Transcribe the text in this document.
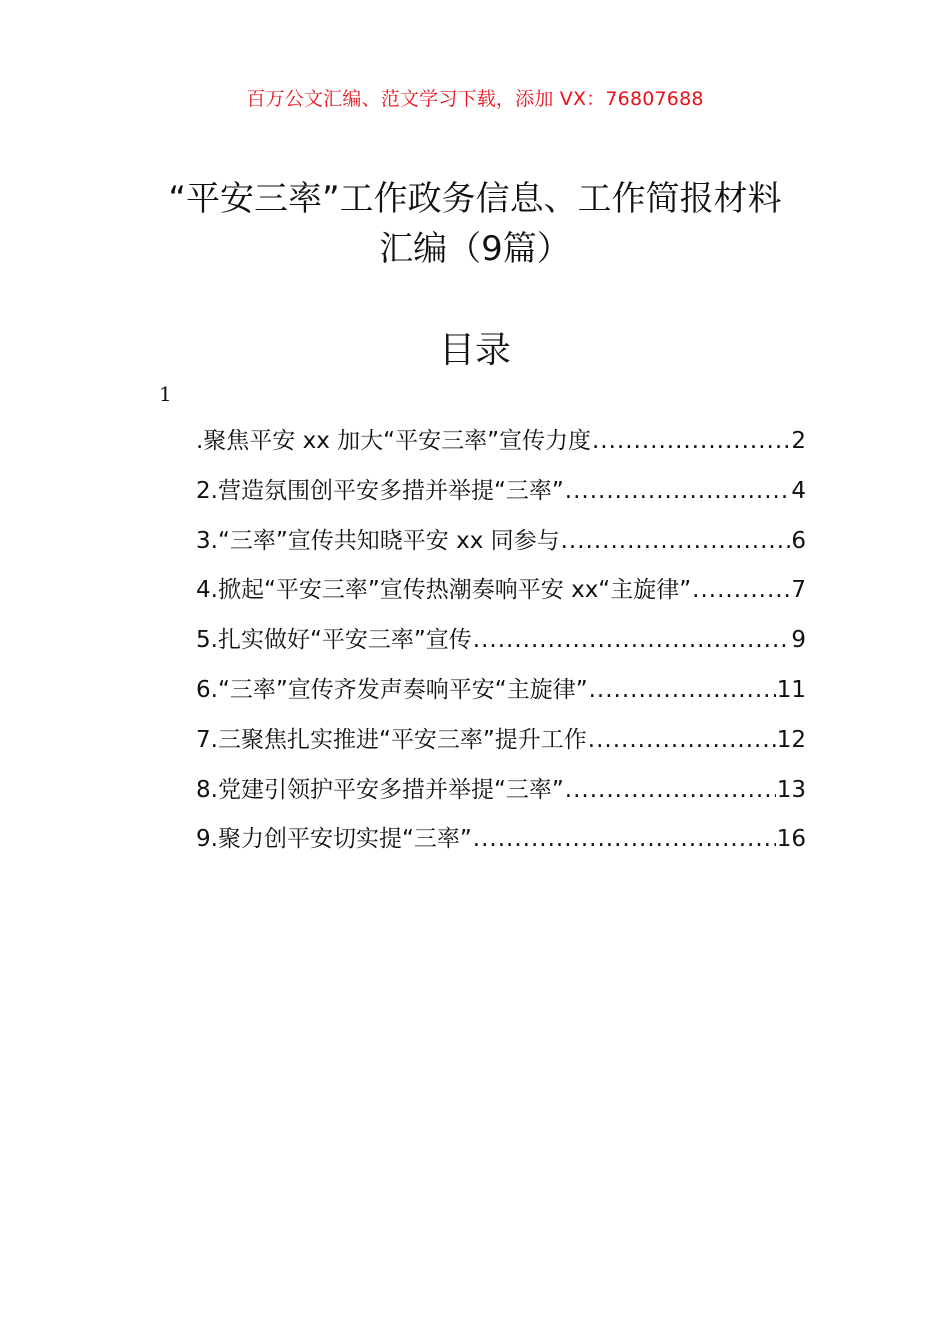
百万公文汇编、范文学习下载，添加 VX：76807688
“平安三率”工作政务信息、工作简报材料
汇编（9篇）
目录
1
.聚焦平安 xx 加大“平安三率”宣传力度 .....	2
2.营造氛围创平安多措并举提“三率” .....	4
3.“三率”宣传共知晓平安 xx 同参与 .....	6
4.掀起“平安三率”宣传热潮奏响平安 xx“主旋律” .....	7
5.扎实做好“平安三率”宣传 .....	9
6.“三率”宣传齐发声奏响平安“主旋律” .....	11
7.三聚焦扎实推进“平安三率”提升工作 .....	12
8.党建引领护平安多措并举提“三率” .....	13
9.聚力创平安切实提“三率” .....	16
